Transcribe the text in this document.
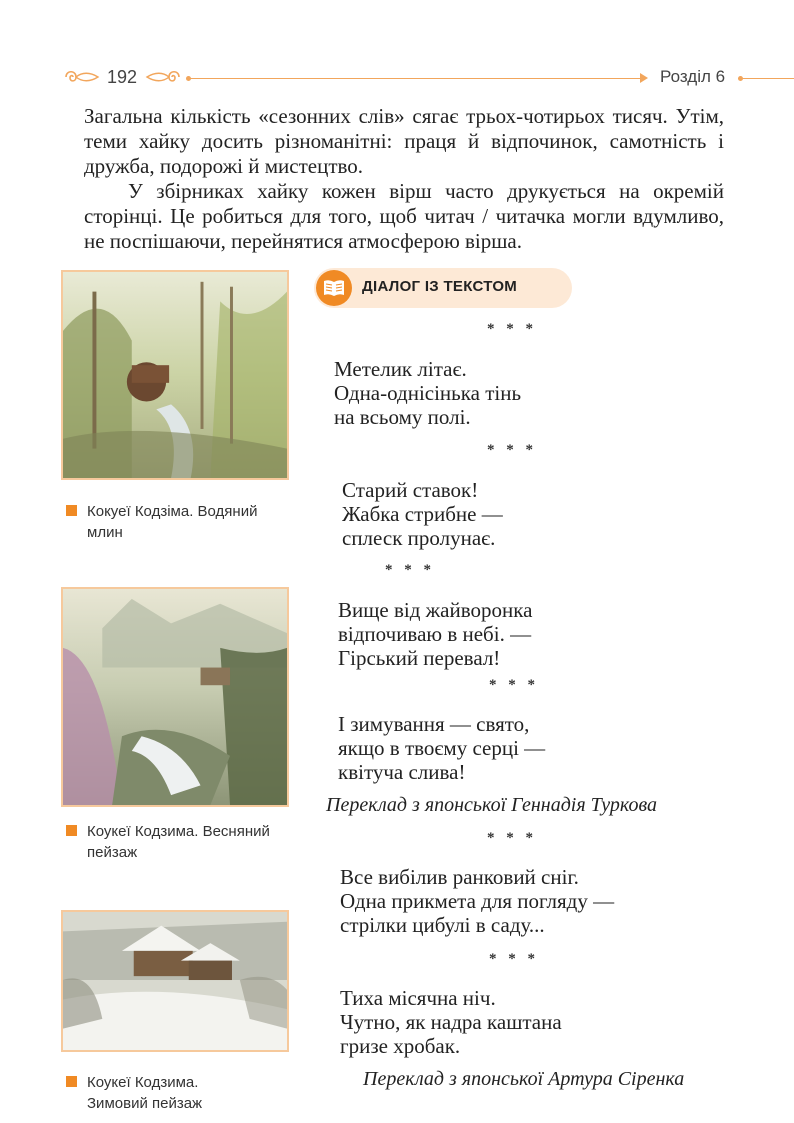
192	Розділ 6

Загальна кількість «сезонних слів» сягає трьох-чотирьох тисяч. Утім, теми хайку досить різноманітні: праця й відпочинок, самотність і дружба, подорожі й мистецтво.

У збірниках хайку кожен вірш часто друкується на окремій сторінці. Це робиться для того, щоб читач / читачка могли вдумливо, не поспішаючи, перейнятися атмосферою вірша.

Кокуеї Кодзіма. Водяний
млин
Коукеї Кодзима. Весняний
пейзаж
Коукеї Кодзима.
Зимовий пейзаж
ДІАЛОГ ІЗ ТЕКСТОМ
* * *
Метелик літає.
Одна-однісінька тінь
на всьому полі.
* * *
Старий ставок!
Жабка стрибне —
сплеск пролунає.
* * *
Вище від жайворонка
відпочиваю в небі. —
Гірський перевал!
* * *
І зимування — свято,
якщо в твоєму серці —
квітуча слива!
Переклад з японської Геннадія Туркова
* * *
Все вибілив ранковий сніг.
Одна прикмета для погляду —
стрілки цибулі в саду...
* * *
Тиха місячна ніч.
Чутно, як надра каштана
гризе хробак.
Переклад з японської Артура Сіренка
